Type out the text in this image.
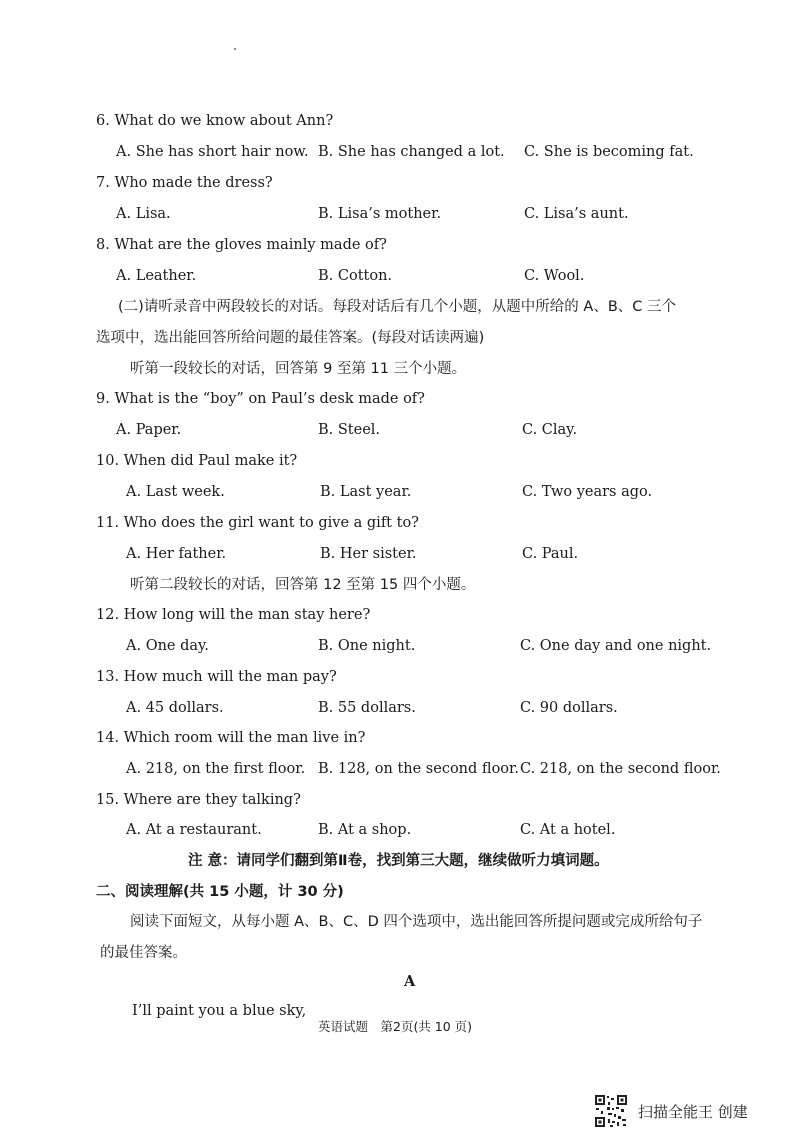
6. What do we know about Ann?
A. She has short hair now. B. She has changed a lot. C. She is becoming fat.
7. Who made the dress?
A. Lisa.	B. Lisa’s mother.	C. Lisa’s aunt.
8. What are the gloves mainly made of?
A. Leather.	B. Cotton.	C. Wool.
(二)请听录音中两段较长的对话。每段对话后有几个小题，从题中所给的 A、B、C 三个
选项中，选出能回答所给问题的最佳答案。(每段对话读两遍)
听第一段较长的对话，回答第 9 至第 11 三个小题。
9. What is the “boy” on Paul’s desk made of?
A. Paper.	B. Steel.	C. Clay.
10. When did Paul make it?
A. Last week.	B. Last year.	C. Two years ago.
11. Who does the girl want to give a gift to?
A. Her father.	B. Her sister.	C. Paul.
听第二段较长的对话，回答第 12 至第 15 四个小题。
12. How long will the man stay here?
A. One day.	B. One night.	C. One day and one night.
13. How much will the man pay?
A. 45 dollars.	B. 55 dollars.	C. 90 dollars.
14. Which room will the man live in?
A. 218, on the first floor. B. 128, on the second floor. C. 218, on the second floor.
15. Where are they talking?
A. At a restaurant.	B. At a shop.	C. At a hotel.
注 意：请同学们翻到第Ⅱ卷，找到第三大题，继续做听力填词题。
二、阅读理解(共 15 小题，计 30 分)
阅读下面短文，从每小题 A、B、C、D 四个选项中，选出能回答所提问题或完成所给句子
的最佳答案。
A
I’ll paint you a blue sky,
英语试题　第2页(共 10 页)
扫描全能王 创建
